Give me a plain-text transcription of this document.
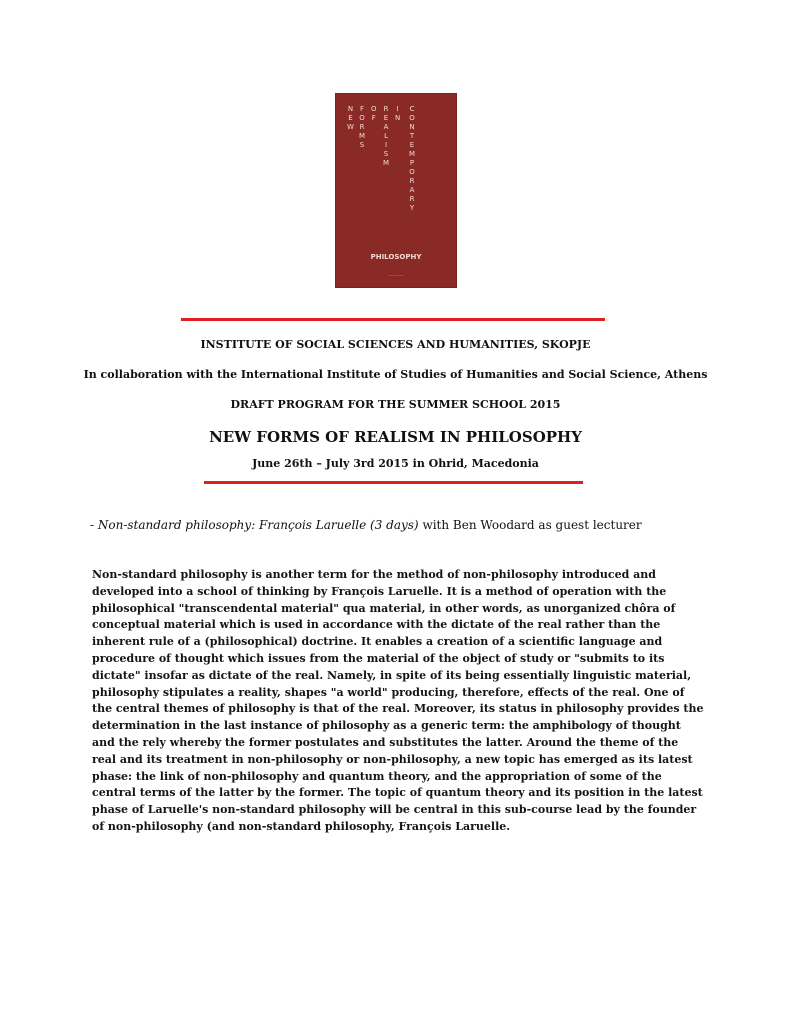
N
E
W
F
O
R
M
S
O
F
R
E
A
L
I
S
M
I
N
C
O
N
T
E
M
P
O
R
A
R
Y
PHILOSOPHY
············
INSTITUTE OF SOCIAL SCIENCES AND HUMANITIES, SKOPJE
In collaboration with the International Institute of Studies of Humanities and Social Science, Athens
DRAFT PROGRAM FOR THE SUMMER SCHOOL 2015
NEW FORMS OF REALISM IN PHILOSOPHY
June 26th – July 3rd 2015 in Ohrid, Macedonia
- Non-standard philosophy: François Laruelle (3 days) with Ben Woodard as guest lecturer
Non-standard philosophy is another term for the method of non-philosophy introduced and developed into a school of thinking by François Laruelle. It is a method of operation with the philosophical "transcendental material" qua material, in other words, as unorganized chôra of conceptual material which is used in accordance with the dictate of the real rather than the inherent rule of a (philosophical) doctrine. It enables a creation of a scientific language and procedure of thought which issues from the material of the object of study or "submits to its dictate" insofar as dictate of the real. Namely, in spite of its being essentially linguistic material, philosophy stipulates a reality, shapes "a world" producing, therefore, effects of the real. One of the central themes of philosophy is that of the real. Moreover, its status in philosophy provides the determination in the last instance of philosophy as a generic term: the amphibology of thought and the rely whereby the former postulates and substitutes the latter. Around the theme of the real and its treatment in non-philosophy or non-philosophy, a new topic has emerged as its latest phase: the link of non-philosophy and quantum theory, and the appropriation of some of the central terms of the latter by the former. The topic of quantum theory and its position in the latest phase of Laruelle's non-standard philosophy will be central in this sub-course lead by the founder of non-philosophy (and non-standard philosophy, François Laruelle.
